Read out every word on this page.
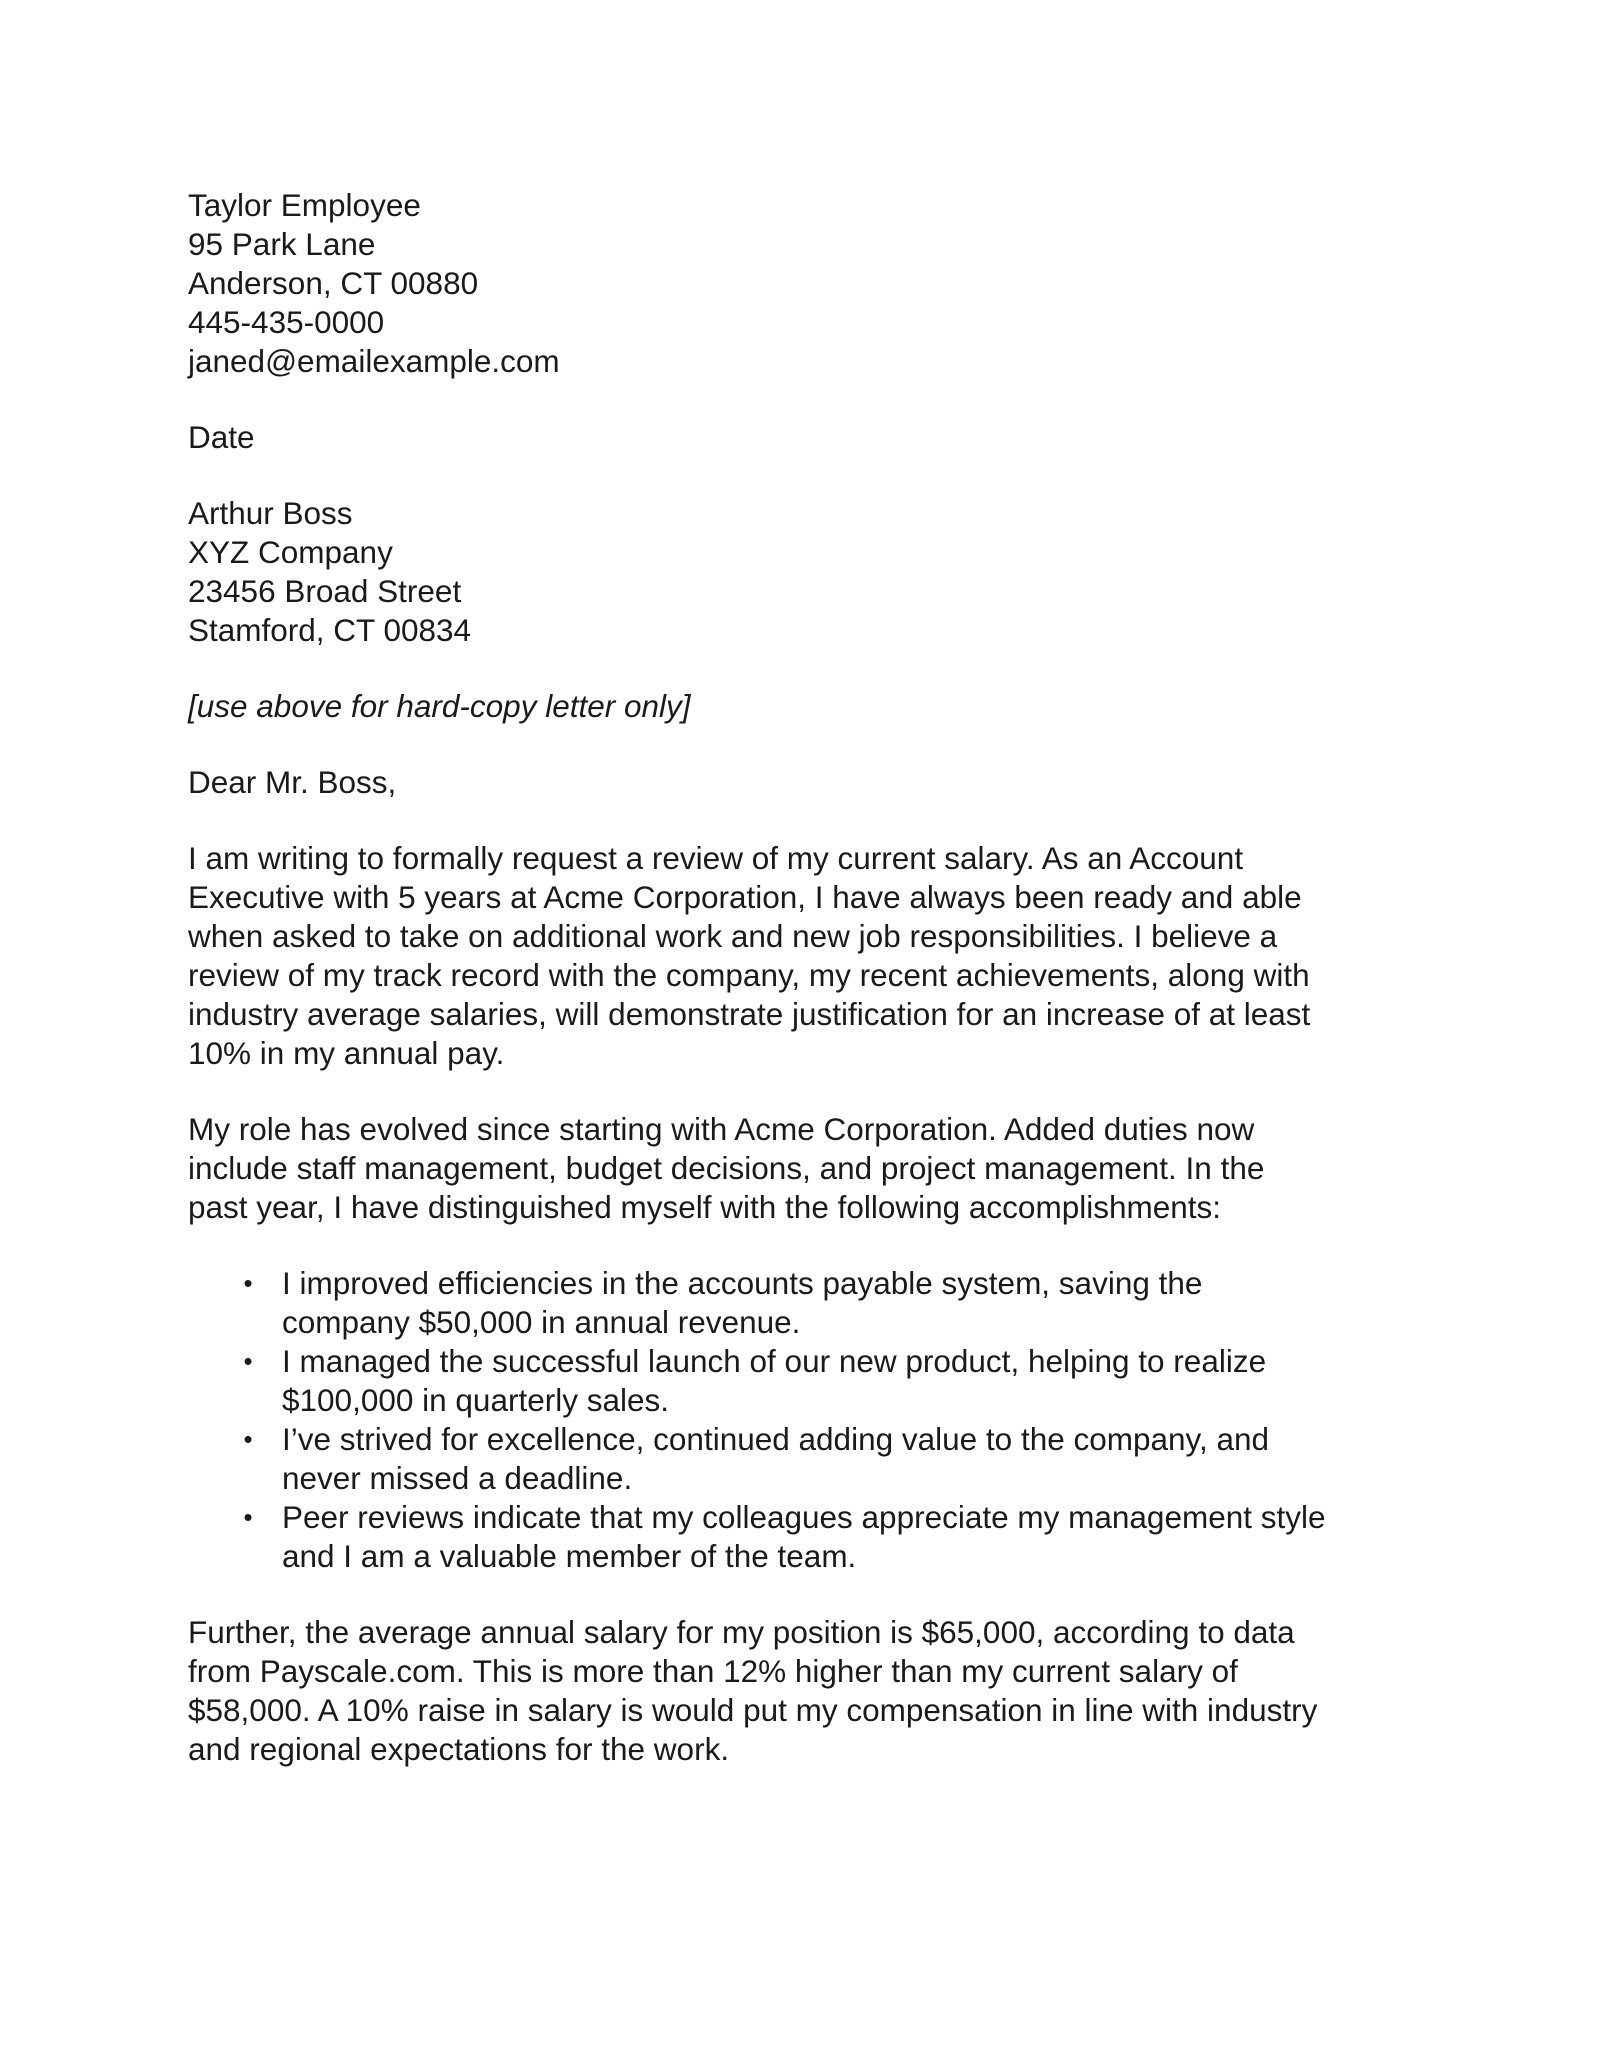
Taylor Employee
95 Park Lane
Anderson, CT 00880
445-435-0000
janed@emailexample.com
Date
Arthur Boss
XYZ Company
23456 Broad Street
Stamford, CT 00834
[use above for hard-copy letter only]
Dear Mr. Boss,
I am writing to formally request a review of my current salary. As an Account
Executive with 5 years at Acme Corporation, I have always been ready and able
when asked to take on additional work and new job responsibilities. I believe a
review of my track record with the company, my recent achievements, along with
industry average salaries, will demonstrate justification for an increase of at least
10% in my annual pay.
My role has evolved since starting with Acme Corporation. Added duties now
include staff management, budget decisions, and project management. In the
past year, I have distinguished myself with the following accomplishments:
• I improved efficiencies in the accounts payable system, saving the
company $50,000 in annual revenue.
• I managed the successful launch of our new product, helping to realize
$100,000 in quarterly sales.
• I’ve strived for excellence, continued adding value to the company, and
never missed a deadline.
• Peer reviews indicate that my colleagues appreciate my management style
and I am a valuable member of the team.
Further, the average annual salary for my position is $65,000, according to data
from Payscale.com. This is more than 12% higher than my current salary of
$58,000. A 10% raise in salary is would put my compensation in line with industry
and regional expectations for the work.
